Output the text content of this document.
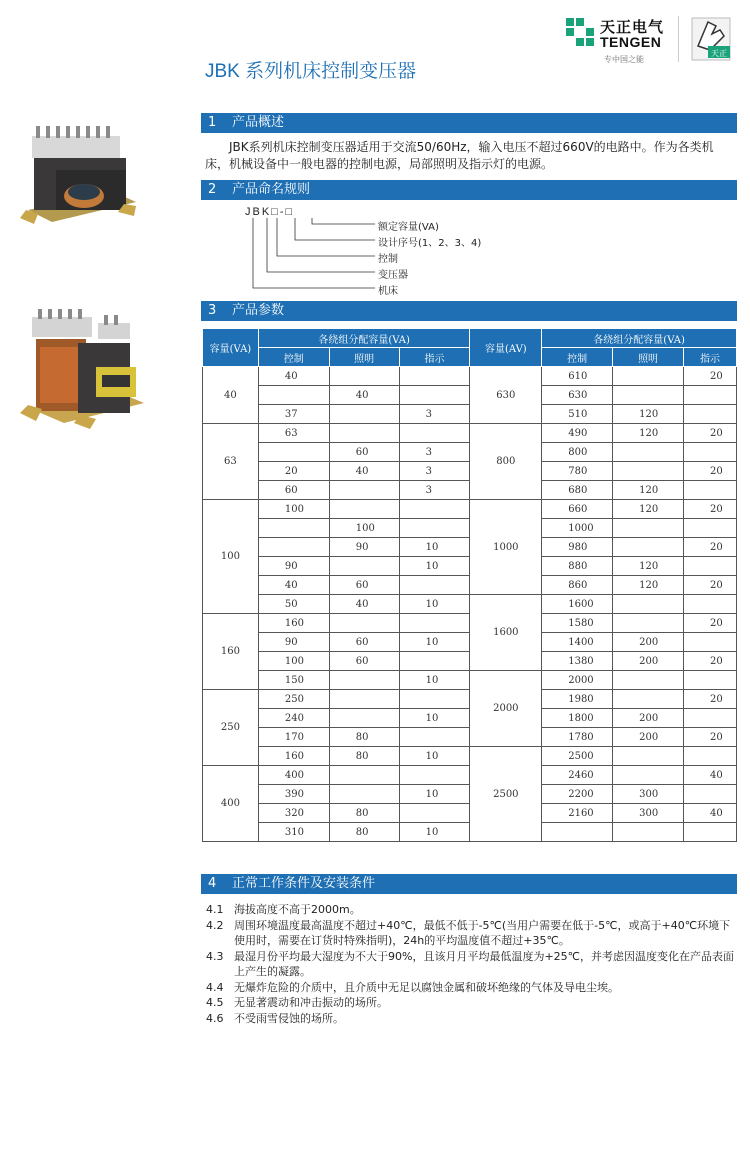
天正电气
TENGEN
专中国之能
天正
JBK 系列机床控制变压器
1 产品概述
JBK系列机床控制变压器适用于交流50/60Hz，输入电压不超过660V的电路中。作为各类机床，机械设备中一般电器的控制电源，局部照明及指示灯的电源。
2 产品命名规则
JBK□-□
额定容量(VA)
设计序号(1、2、3、4)
控制
变压器
机床
3 产品参数
容量(VA)	各绕组分配容量(VA)			容量(AV)	各绕组分配容量(VA)		
	控制	照明	指示		控制	照明	指示
40	40			630	610		20
		40			630		
	37		3		510	120	
63	63			800	490	120	20
		60	3		800		
	20	40	3		780		20
	60		3		680	120	
100	100			1000	660	120	20
		100			1000		
		90	10		980		20
	90		10		880	120	
	40	60			860	120	20
	50	40	10	1600	1600		
160	160				1580		20
	90	60	10		1400	200	
	100	60			1380	200	20
	150		10	2000	2000		
250	250				1980		20
	240		10		1800	200	
	170	80			1780	200	20
	160	80	10	2500	2500		
400	400				2460		40
	390		10		2200	300	
	320	80			2160	300	40
	310	80	10				
4 正常工作条件及安装条件
4.1 海拔高度不高于2000m。
4.2 周围环境温度最高温度不超过+40℃，最低不低于-5℃(当用户需要在低于-5℃，或高于+40℃环境下使用时，需要在订货时特殊指明)，24h的平均温度值不超过+35℃。
4.3 最湿月份平均最大湿度为不大于90%，且该月月平均最低温度为+25℃，并考虑因温度变化在产品表面上产生的凝露。
4.4 无爆炸危险的介质中，且介质中无足以腐蚀金属和破坏绝缘的气体及导电尘埃。
4.5 无显著震动和冲击振动的场所。
4.6 不受雨雪侵蚀的场所。
